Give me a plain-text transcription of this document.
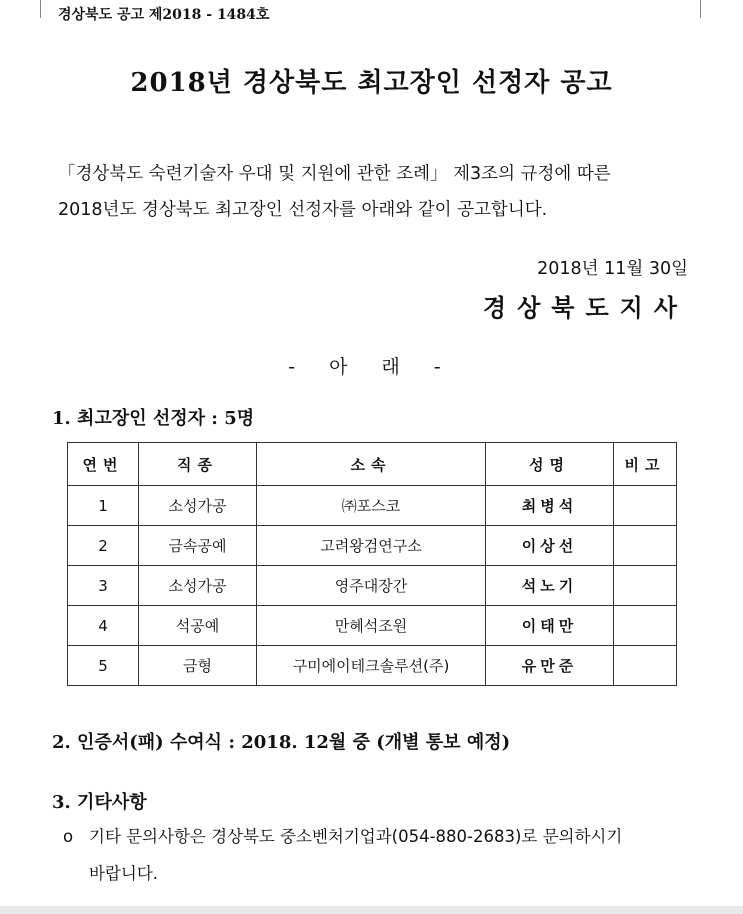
경상북도 공고 제2018 - 1484호
2018년 경상북도 최고장인 선정자 공고
「경상북도 숙련기술자 우대 및 지원에 관한 조례」 제3조의 규정에 따른
2018년도 경상북도 최고장인 선정자를 아래와 같이 공고합니다.
2018년 11월 30일
경상북도지사
- 아 래 -
1. 최고장인 선정자 : 5명
연번	직종	소속	성명	비고
1	소성가공	㈜포스코	최병석	
2	금속공예	고려왕검연구소	이상선	
3	소성가공	영주대장간	석노기	
4	석공예	만혜석조원	이태만	
5	금형	구미에이테크솔루션(주)	유만준	
2. 인증서(패) 수여식 : 2018. 12월 중 (개별 통보 예정)
3. 기타사항
o 기타 문의사항은 경상북도 중소벤처기업과(054-880-2683)로 문의하시기
바랍니다.
